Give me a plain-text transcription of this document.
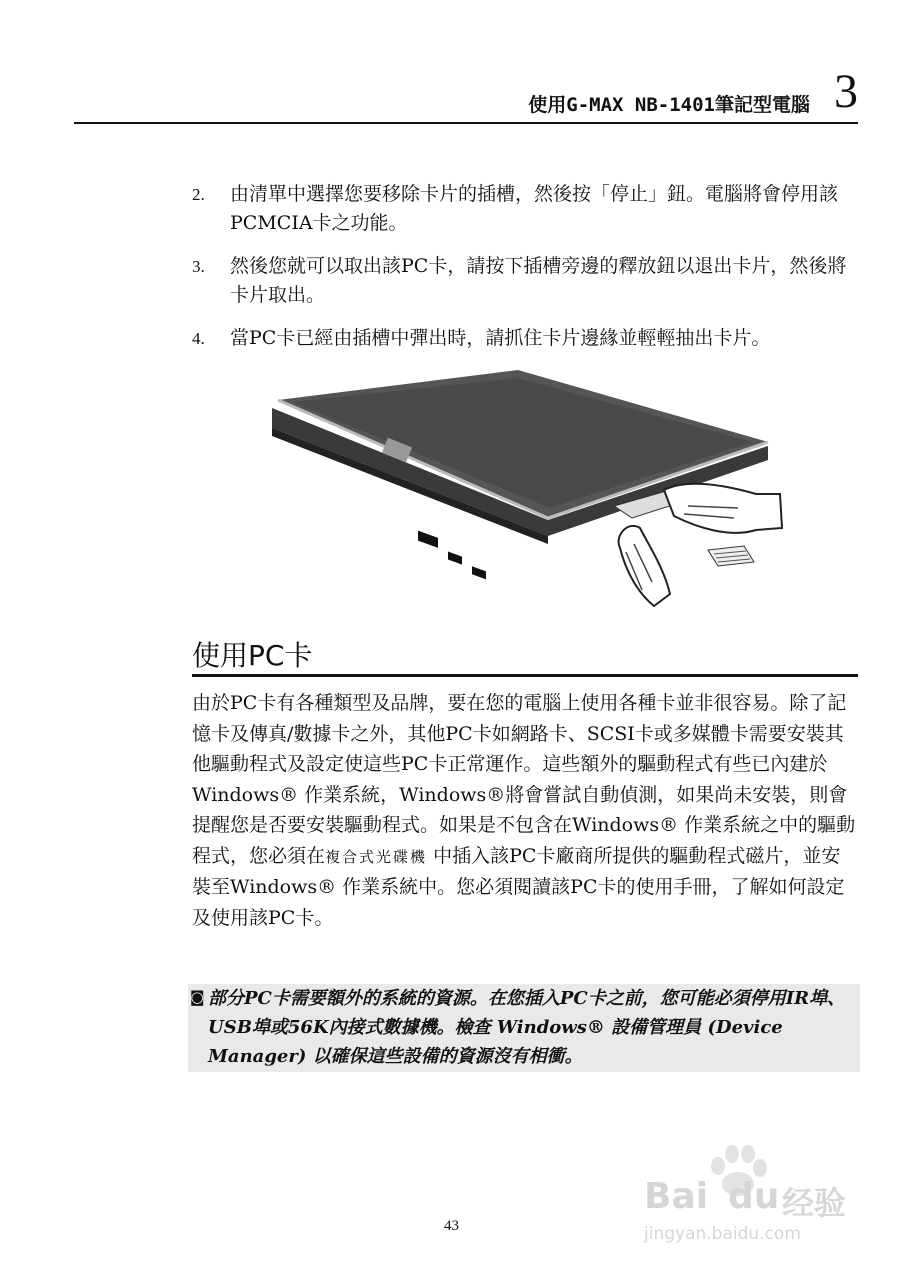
使用G-MAX NB-1401筆記型電腦 3
2. 由清單中選擇您要移除卡片的插槽，然後按「停止」鈕。電腦將會停用該PCMCIA卡之功能。
3. 然後您就可以取出該PC卡，請按下插槽旁邊的釋放鈕以退出卡片，然後將卡片取出。
4. 當PC卡已經由插槽中彈出時，請抓住卡片邊緣並輕輕抽出卡片。
使用PC卡
由於PC卡有各種類型及品牌，要在您的電腦上使用各種卡並非很容易。除了記憶卡及傳真/數據卡之外，其他PC卡如網路卡、SCSI卡或多媒體卡需要安裝其他驅動程式及設定使這些PC卡正常運作。這些額外的驅動程式有些已內建於Windows® 作業系統，Windows®將會嘗試自動偵測，如果尚未安裝，則會提醒您是否要安裝驅動程式。如果是不包含在Windows® 作業系統之中的驅動程式，您必須在複合式光碟機 中插入該PC卡廠商所提供的驅動程式磁片，並安裝至Windows® 作業系統中。您必須閱讀該PC卡的使用手冊，了解如何設定及使用該PC卡。
◙ 部分PC卡需要額外的系統的資源。在您插入PC卡之前，您可能必須停用IR埠、USB埠或56K內接式數據機。檢查 Windows® 設備管理員 (Device Manager) 以確保這些設備的資源沒有相衝。
43
Bai du 经验
jingyan.baidu.com
